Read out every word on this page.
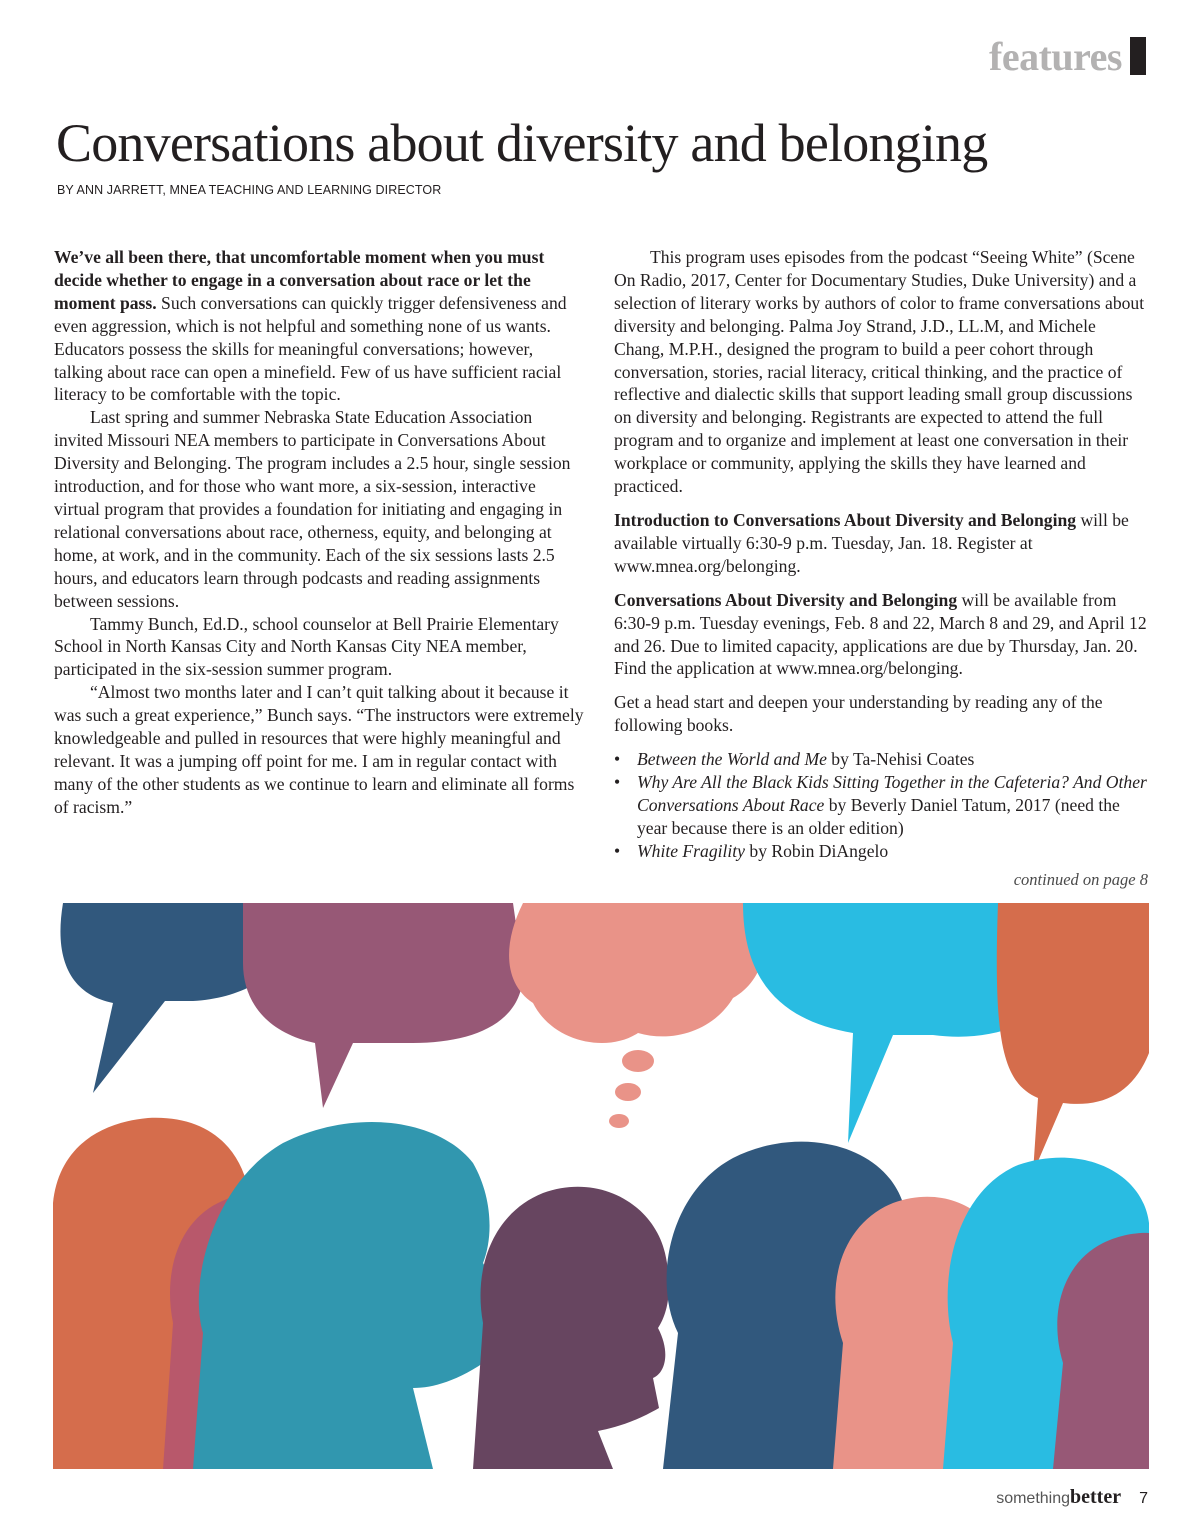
features
Conversations about diversity and belonging
BY ANN JARRETT, MNEA TEACHING AND LEARNING DIRECTOR

We’ve all been there, that uncomfortable moment when you must decide whether to engage in a conversation about race or let the moment pass. Such conversations can quickly trigger defensiveness and even aggression, which is not helpful and something none of us wants. Educators possess the skills for meaningful conversations; however, talking about race can open a minefield. Few of us have sufficient racial literacy to be comfortable with the topic.

Last spring and summer Nebraska State Education Association invited Missouri NEA members to participate in Conversations About Diversity and Belonging. The program includes a 2.5 hour, single session introduction, and for those who want more, a six-session, interactive virtual program that provides a foundation for initiating and engaging in relational conversations about race, otherness, equity, and belonging at home, at work, and in the community. Each of the six sessions lasts 2.5 hours, and educators learn through podcasts and reading assignments between sessions.

Tammy Bunch, Ed.D., school counselor at Bell Prairie Elementary School in North Kansas City and North Kansas City NEA member, participated in the six-session summer program.

“Almost two months later and I can’t quit talking about it because it was such a great experience,” Bunch says. “The instructors were extremely knowledgeable and pulled in resources that were highly meaningful and relevant. It was a jumping off point for me. I am in regular contact with many of the other students as we continue to learn and eliminate all forms of racism.”

This program uses episodes from the podcast “Seeing White” (Scene On Radio, 2017, Center for Documentary Studies, Duke University) and a selection of literary works by authors of color to frame conversations about diversity and belonging. Palma Joy Strand, J.D., LL.M, and Michele Chang, M.P.H., designed the program to build a peer cohort through conversation, stories, racial literacy, critical thinking, and the practice of reflective and dialectic skills that support leading small group discussions on diversity and belonging. Registrants are expected to attend the full program and to organize and implement at least one conversation in their workplace or community, applying the skills they have learned and practiced.

Introduction to Conversations About Diversity and Belonging will be available virtually 6:30-9 p.m. Tuesday, Jan. 18. Register at www.mnea.org/belonging.

Conversations About Diversity and Belonging will be available from 6:30-9 p.m. Tuesday evenings, Feb. 8 and 22, March 8 and 29, and April 12 and 26. Due to limited capacity, applications are due by Thursday, Jan. 20. Find the application at www.mnea.org/belonging.

Get a head start and deepen your understanding by reading any of the following books.

• Between the World and Me by Ta-Nehisi Coates
• Why Are All the Black Kids Sitting Together in the Cafeteria? And Other Conversations About Race by Beverly Daniel Tatum, 2017 (need the year because there is an older edition)
• White Fragility by Robin DiAngelo
continued on page 8
something better 7
